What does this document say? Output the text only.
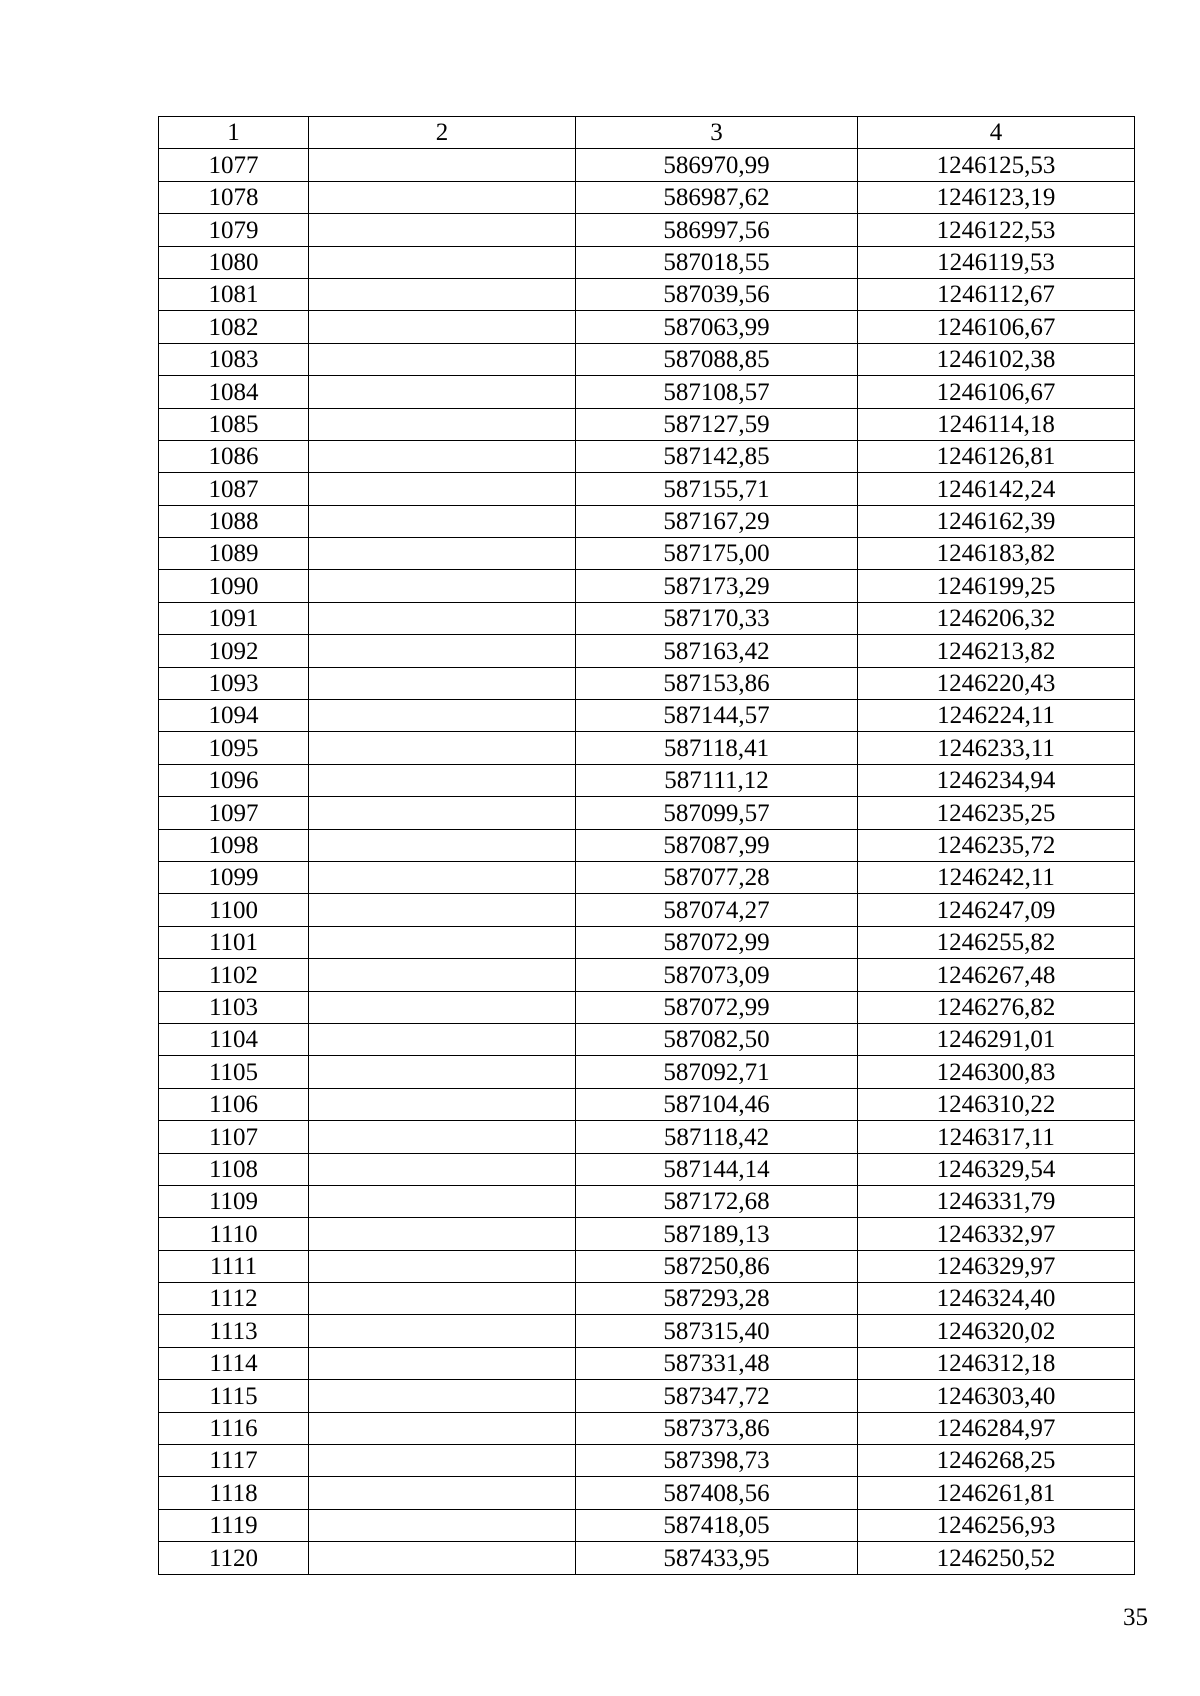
1	2	3	4
1077		586970,99	1246125,53
1078		586987,62	1246123,19
1079		586997,56	1246122,53
1080		587018,55	1246119,53
1081		587039,56	1246112,67
1082		587063,99	1246106,67
1083		587088,85	1246102,38
1084		587108,57	1246106,67
1085		587127,59	1246114,18
1086		587142,85	1246126,81
1087		587155,71	1246142,24
1088		587167,29	1246162,39
1089		587175,00	1246183,82
1090		587173,29	1246199,25
1091		587170,33	1246206,32
1092		587163,42	1246213,82
1093		587153,86	1246220,43
1094		587144,57	1246224,11
1095		587118,41	1246233,11
1096		587111,12	1246234,94
1097		587099,57	1246235,25
1098		587087,99	1246235,72
1099		587077,28	1246242,11
1100		587074,27	1246247,09
1101		587072,99	1246255,82
1102		587073,09	1246267,48
1103		587072,99	1246276,82
1104		587082,50	1246291,01
1105		587092,71	1246300,83
1106		587104,46	1246310,22
1107		587118,42	1246317,11
1108		587144,14	1246329,54
1109		587172,68	1246331,79
1110		587189,13	1246332,97
1111		587250,86	1246329,97
1112		587293,28	1246324,40
1113		587315,40	1246320,02
1114		587331,48	1246312,18
1115		587347,72	1246303,40
1116		587373,86	1246284,97
1117		587398,73	1246268,25
1118		587408,56	1246261,81
1119		587418,05	1246256,93
1120		587433,95	1246250,52
35
